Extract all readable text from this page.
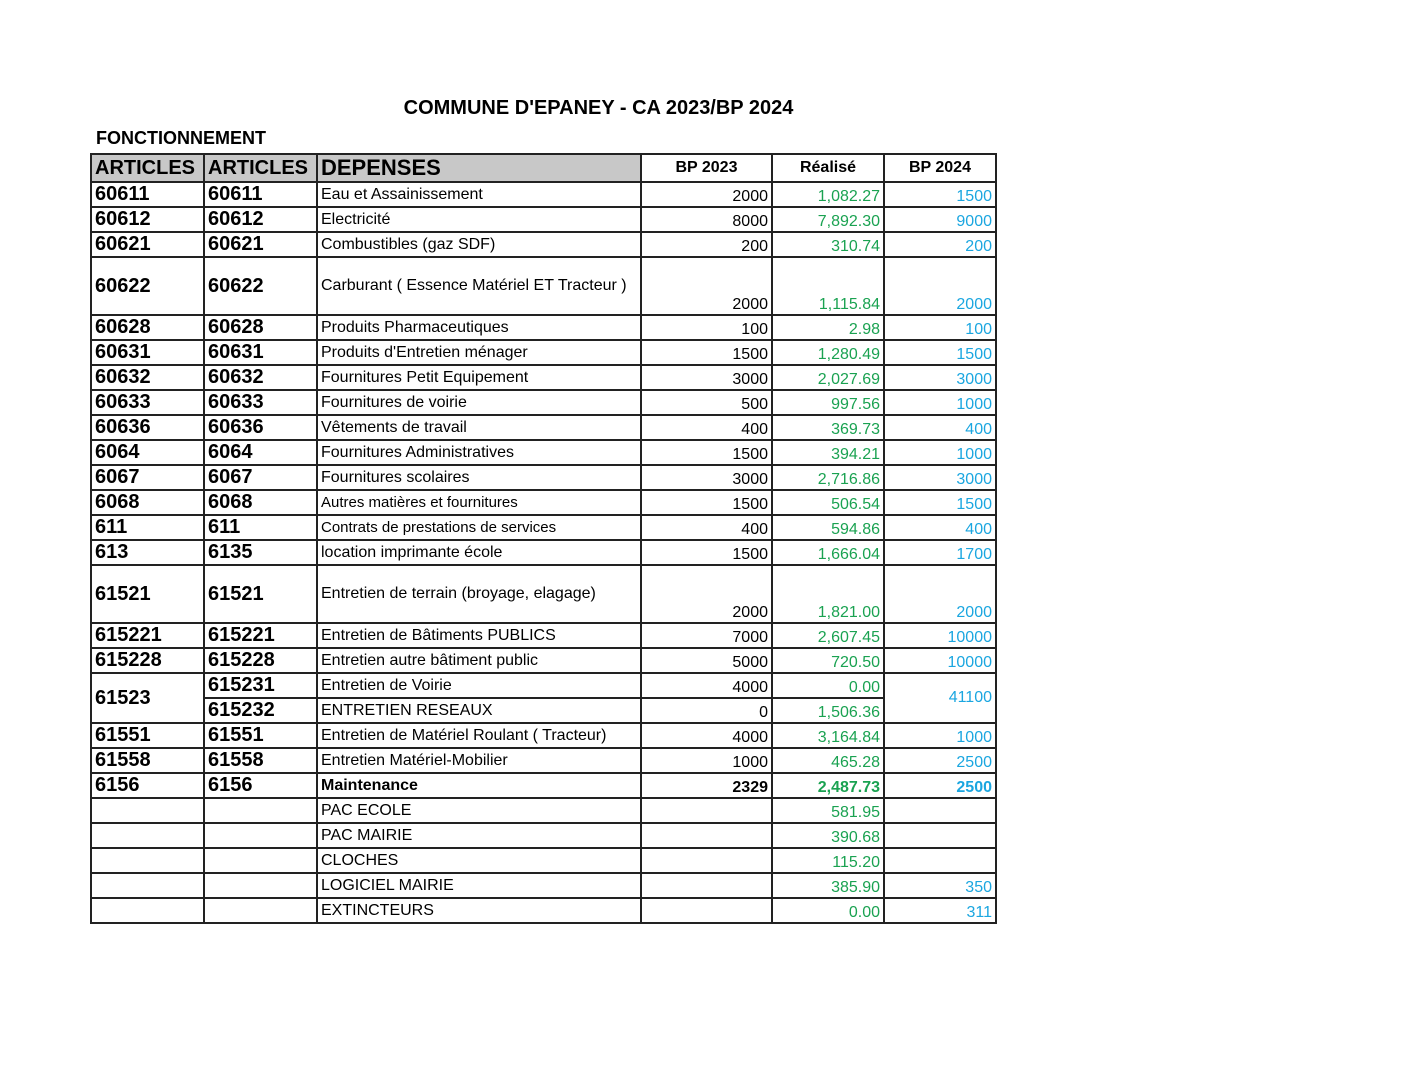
COMMUNE D'EPANEY - CA 2023/BP 2024
FONCTIONNEMENT
ARTICLES	ARTICLES	DEPENSES	BP 2023	Réalisé	BP 2024
60611	60611	Eau et Assainissement	2000	1,082.27	1500
60612	60612	Electricité	8000	7,892.30	9000
60621	60621	Combustibles (gaz SDF)	200	310.74	200
60622	60622	Carburant ( Essence Matériel ET Tracteur )	2000	1,115.84	2000
60628	60628	Produits Pharmaceutiques	100	2.98	100
60631	60631	Produits d'Entretien ménager	1500	1,280.49	1500
60632	60632	Fournitures Petit Equipement	3000	2,027.69	3000
60633	60633	Fournitures de voirie	500	997.56	1000
60636	60636	Vêtements de travail	400	369.73	400
6064	6064	Fournitures Administratives	1500	394.21	1000
6067	6067	Fournitures scolaires	3000	2,716.86	3000
6068	6068	Autres matières et fournitures	1500	506.54	1500
611	611	Contrats de prestations de services	400	594.86	400
613	6135	location imprimante école	1500	1,666.04	1700
61521	61521	Entretien de terrain (broyage, elagage)	2000	1,821.00	2000
615221	615221	Entretien de Bâtiments PUBLICS	7000	2,607.45	10000
615228	615228	Entretien autre bâtiment public	5000	720.50	10000
61523	615231	Entretien de Voirie	4000	0.00	41100
	615232	ENTRETIEN RESEAUX	0	1,506.36	
61551	61551	Entretien de Matériel Roulant ( Tracteur)	4000	3,164.84	1000
61558	61558	Entretien Matériel-Mobilier	1000	465.28	2500
6156	6156	Maintenance	2329	2,487.73	2500
		PAC ECOLE		581.95	
		PAC MAIRIE		390.68	
		CLOCHES		115.20	
		LOGICIEL MAIRIE		385.90	350
		EXTINCTEURS		0.00	311
